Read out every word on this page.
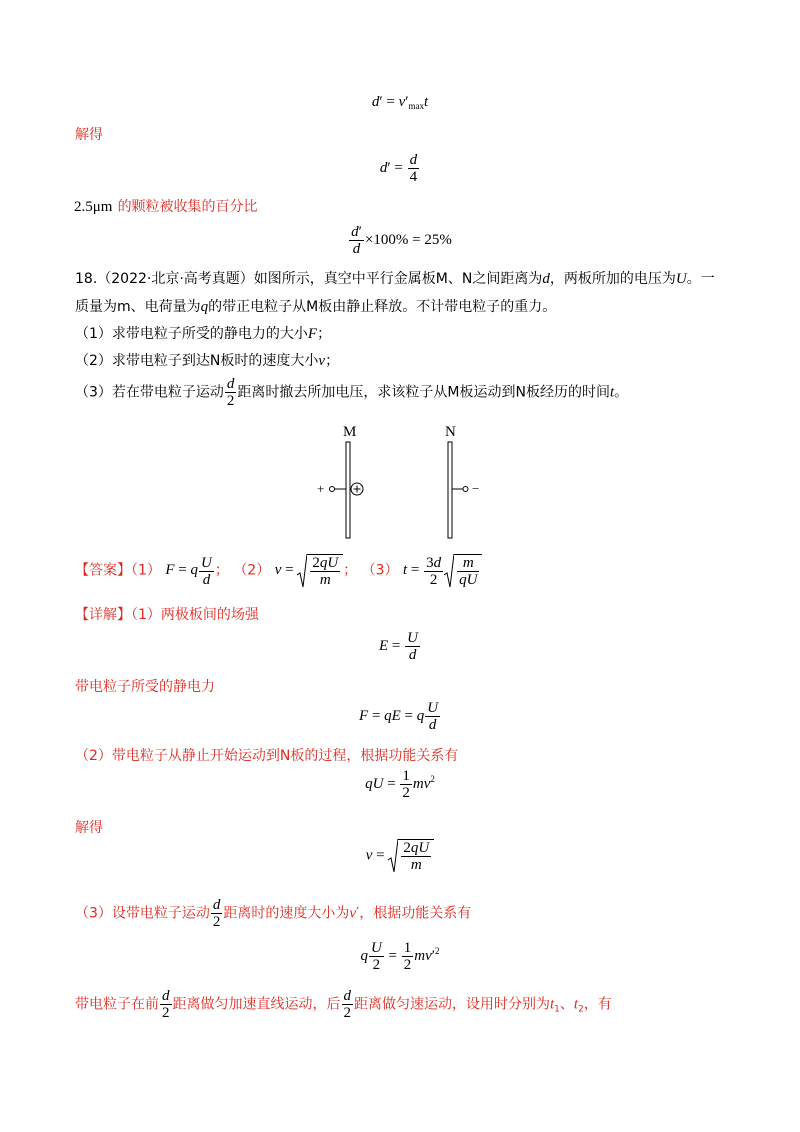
$d' = v'_{max}t$
解得
$d' = \frac{d}{4}$
2.5μm 的颗粒被收集的百分比
$\frac{d'}{d} \times 100\% = 25\%$
18.（2022·北京·高考真题）如图所示，真空中平行金属板M、N之间距离为d，两板所加的电压为U。一
质量为m、电荷量为q的带正电粒子从M板由静止释放。不计带电粒子的重力。
（1）求带电粒子所受的静电力的大小F；
（2）求带电粒子到达N板时的速度大小v；
（3）若在带电粒子运动 $\frac{d}{2}$ 距离时撤去所加电压，求该粒子从M板运动到N板经历的时间t。
M	N
+	−
【答案】（1） F = q $\frac{U}{d}$ ； （2） $v = \frac{2qU}{m}$ ； （3） $t = \frac{3d}{2} \frac{m}{qU}$
【详解】（1）两极板间的场强
$E = \frac{U}{d}$
带电粒子所受的静电力
F = qE = q $\frac{U}{d}$
（2）带电粒子从静止开始运动到N板的过程，根据功能关系有
qU = $\frac{1}{2} mv^2$
解得
$v = \frac{2qU}{m}$
（3）设带电粒子运动 $\frac{d}{2}$ 距离时的速度大小为v′，根据功能关系有
q $\frac{U}{2} = \frac{1}{2} mv'^2$
带电粒子在前 $\frac{d}{2}$ 距离做匀加速直线运动，后 $\frac{d}{2}$ 距离做匀速运动，设用时分别为$t_1$、$t_2$，有
